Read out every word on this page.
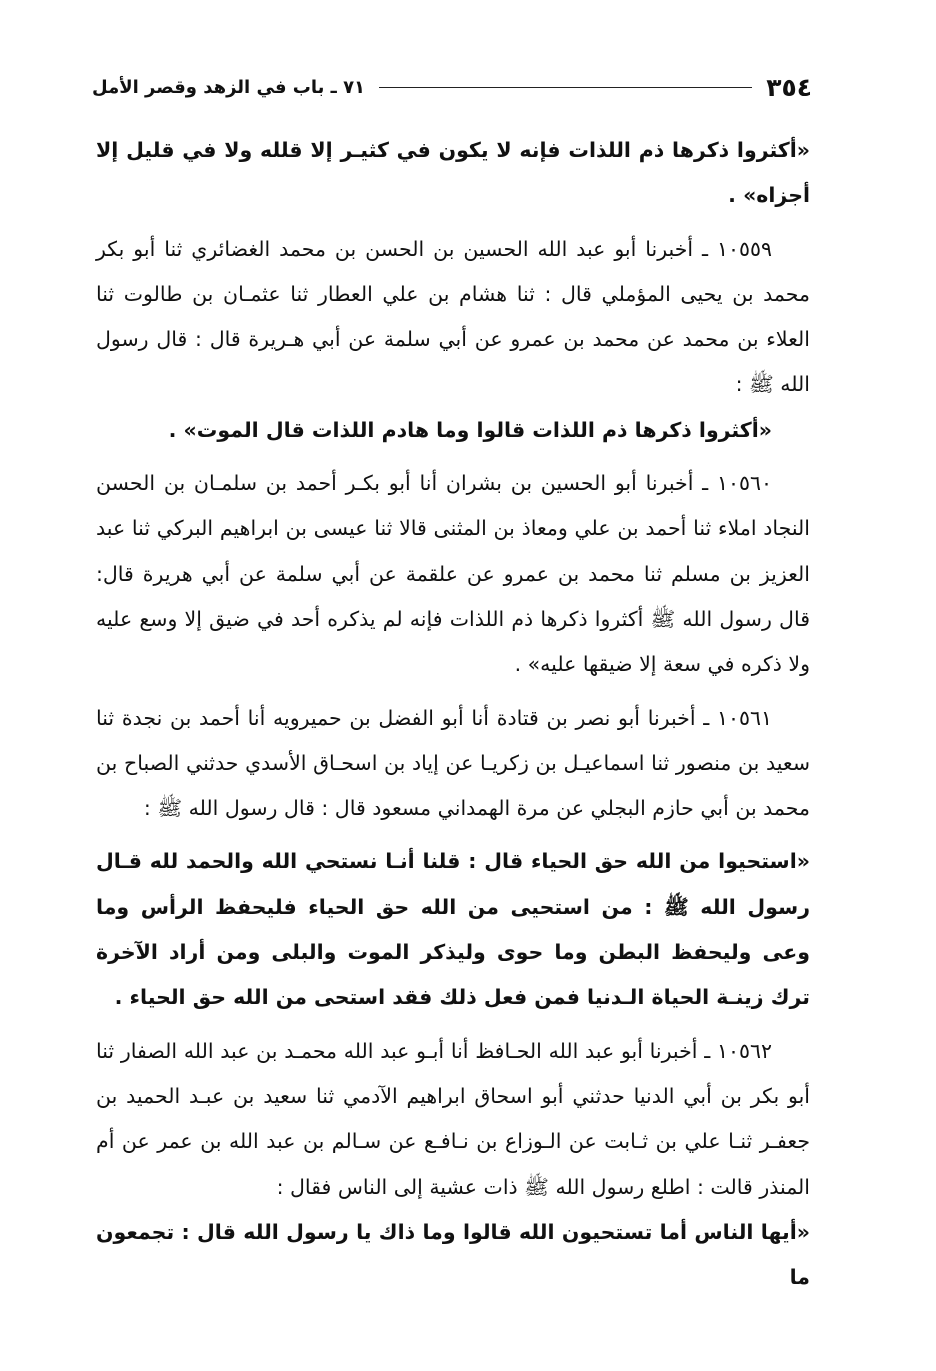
٣٥٤
٧١ ـ باب في الزهد وقصر الأمل

«أكثروا ذكرها ذم اللذات فإنه لا يكون في كثيـر إلا قلله ولا في قليل إلا أجزاه» .

١٠٥٥٩ ـ أخبرنا أبو عبد الله الحسين بن الحسن بن محمد الغضائري ثنا أبو بكر محمد بن يحيى المؤملي قال : ثنا هشام بن علي العطار ثنا عثمـان بن طالوت ثنا العلاء بن محمد عن محمد بن عمرو عن أبي سلمة عن أبي هـريرة قال : قال رسول الله ﷺ :

«أكثروا ذكرها ذم اللذات قالوا وما هادم اللذات قال الموت» .

١٠٥٦٠ ـ أخبرنا أبو الحسين بن بشران أنا أبو بكـر أحمد بن سلمـان بن الحسن النجاد املاء ثنا أحمد بن علي ومعاذ بن المثنى قالا ثنا عيسى بن ابراهيم البركي ثنا عبد العزيز بن مسلم ثنا محمد بن عمرو عن علقمة عن أبي سلمة عن أبي هريرة قال: قال رسول الله ﷺ أكثروا ذكرها ذم اللذات فإنه لم يذكره أحد في ضيق إلا وسع عليه ولا ذكره في سعة إلا ضيقها عليه» .

١٠٥٦١ ـ أخبرنا أبو نصر بن قتادة أنا أبو الفضل بن حميرويه أنا أحمد بن نجدة ثنا سعيد بن منصور ثنا اسماعيـل بن زكريـا عن إياد بن اسحـاق الأسدي حدثني الصباح بن محمد بن أبي حازم البجلي عن مرة الهمداني مسعود قال : قال رسول الله ﷺ :

«استحيوا من الله حق الحياء قال : قلنا أنـا نستحي الله والحمد لله قـال رسول الله ﷺ : من استحيى من الله حق الحياء فليحفظ الرأس وما وعى وليحفظ البطن وما حوى وليذكر الموت والبلى ومن أراد الآخرة ترك زينـة الحياة الـدنيا فمن فعل ذلك فقد استحى من الله حق الحياء .

١٠٥٦٢ ـ أخبرنا أبو عبد الله الحـافظ أنا أبـو عبد الله محمـد بن عبد الله الصفار ثنا أبو بكر بن أبي الدنيا حدثني أبو اسحاق ابراهيم الآدمي ثنا سعيد بن عبـد الحميد بن جعفـر ثنـا علي بن ثـابت عن الـوزاع بن نـافـع عن سـالم بن عبد الله بن عمر عن أم المنذر قالت : اطلع رسول الله ﷺ ذات عشية إلى الناس فقال :

«أيها الناس أما تستحيون الله قالوا وما ذاك يا رسول الله قال : تجمعون ما
